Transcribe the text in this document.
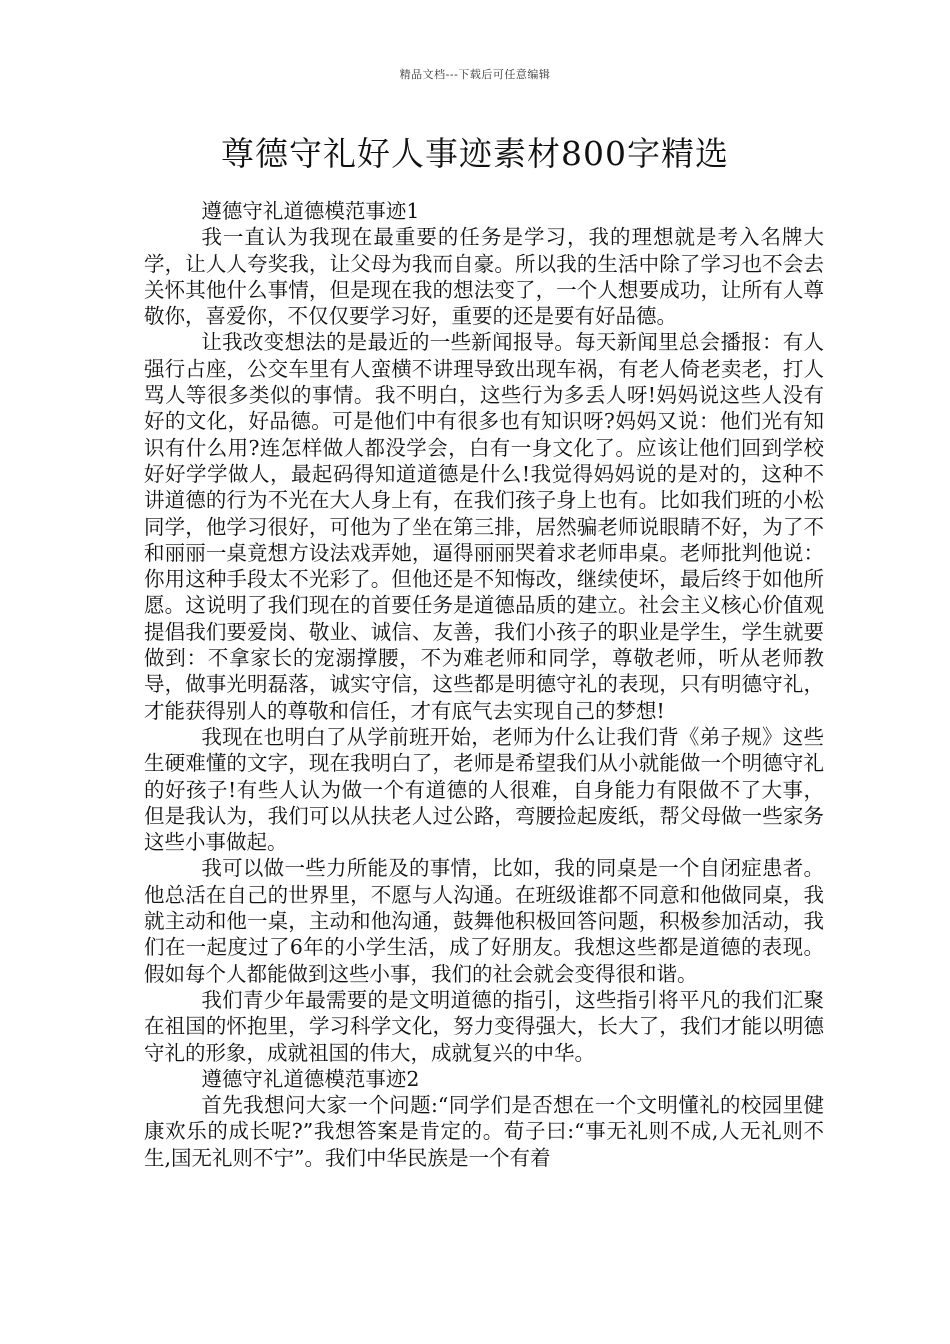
精品文档---下载后可任意编辑
尊德守礼好人事迹素材800字精选

遵德守礼道德模范事迹1

我一直认为我现在最重要的任务是学习，我的理想就是考入名牌大学，让人人夸奖我，让父母为我而自豪。所以我的生活中除了学习也不会去关怀其他什么事情，但是现在我的想法变了，一个人想要成功，让所有人尊敬你，喜爱你，不仅仅要学习好，重要的还是要有好品德。

让我改变想法的是最近的一些新闻报导。每天新闻里总会播报：有人强行占座，公交车里有人蛮横不讲理导致出现车祸，有老人倚老卖老，打人骂人等很多类似的事情。我不明白，这些行为多丢人呀!妈妈说这些人没有好的文化，好品德。可是他们中有很多也有知识呀?妈妈又说：他们光有知识有什么用?连怎样做人都没学会，白有一身文化了。应该让他们回到学校好好学学做人，最起码得知道道德是什么!我觉得妈妈说的是对的，这种不讲道德的行为不光在大人身上有，在我们孩子身上也有。比如我们班的小松同学，他学习很好，可他为了坐在第三排，居然骗老师说眼睛不好，为了不和丽丽一桌竟想方设法戏弄她，逼得丽丽哭着求老师串桌。老师批判他说：你用这种手段太不光彩了。但他还是不知悔改，继续使坏，最后终于如他所愿。这说明了我们现在的首要任务是道德品质的建立。社会主义核心价值观提倡我们要爱岗、敬业、诚信、友善，我们小孩子的职业是学生，学生就要做到：不拿家长的宠溺撑腰，不为难老师和同学，尊敬老师，听从老师教导，做事光明磊落，诚实守信，这些都是明德守礼的表现，只有明德守礼，才能获得别人的尊敬和信任，才有底气去实现自己的梦想!

我现在也明白了从学前班开始，老师为什么让我们背《弟子规》这些生硬难懂的文字，现在我明白了，老师是希望我们从小就能做一个明德守礼的好孩子!有些人认为做一个有道德的人很难，自身能力有限做不了大事，但是我认为，我们可以从扶老人过公路，弯腰捡起废纸，帮父母做一些家务这些小事做起。

我可以做一些力所能及的事情，比如，我的同桌是一个自闭症患者。他总活在自己的世界里，不愿与人沟通。在班级谁都不同意和他做同桌，我就主动和他一桌，主动和他沟通，鼓舞他积极回答问题，积极参加活动，我们在一起度过了6年的小学生活，成了好朋友。我想这些都是道德的表现。假如每个人都能做到这些小事，我们的社会就会变得很和谐。

我们青少年最需要的是文明道德的指引，这些指引将平凡的我们汇聚在祖国的怀抱里，学习科学文化，努力变得强大，长大了，我们才能以明德守礼的形象，成就祖国的伟大，成就复兴的中华。

遵德守礼道德模范事迹2

首先我想问大家一个问题:“同学们是否想在一个文明懂礼的校园里健康欢乐的成长呢?”我想答案是肯定的。荀子曰:“事无礼则不成,人无礼则不生,国无礼则不宁”。我们中华民族是一个有着
